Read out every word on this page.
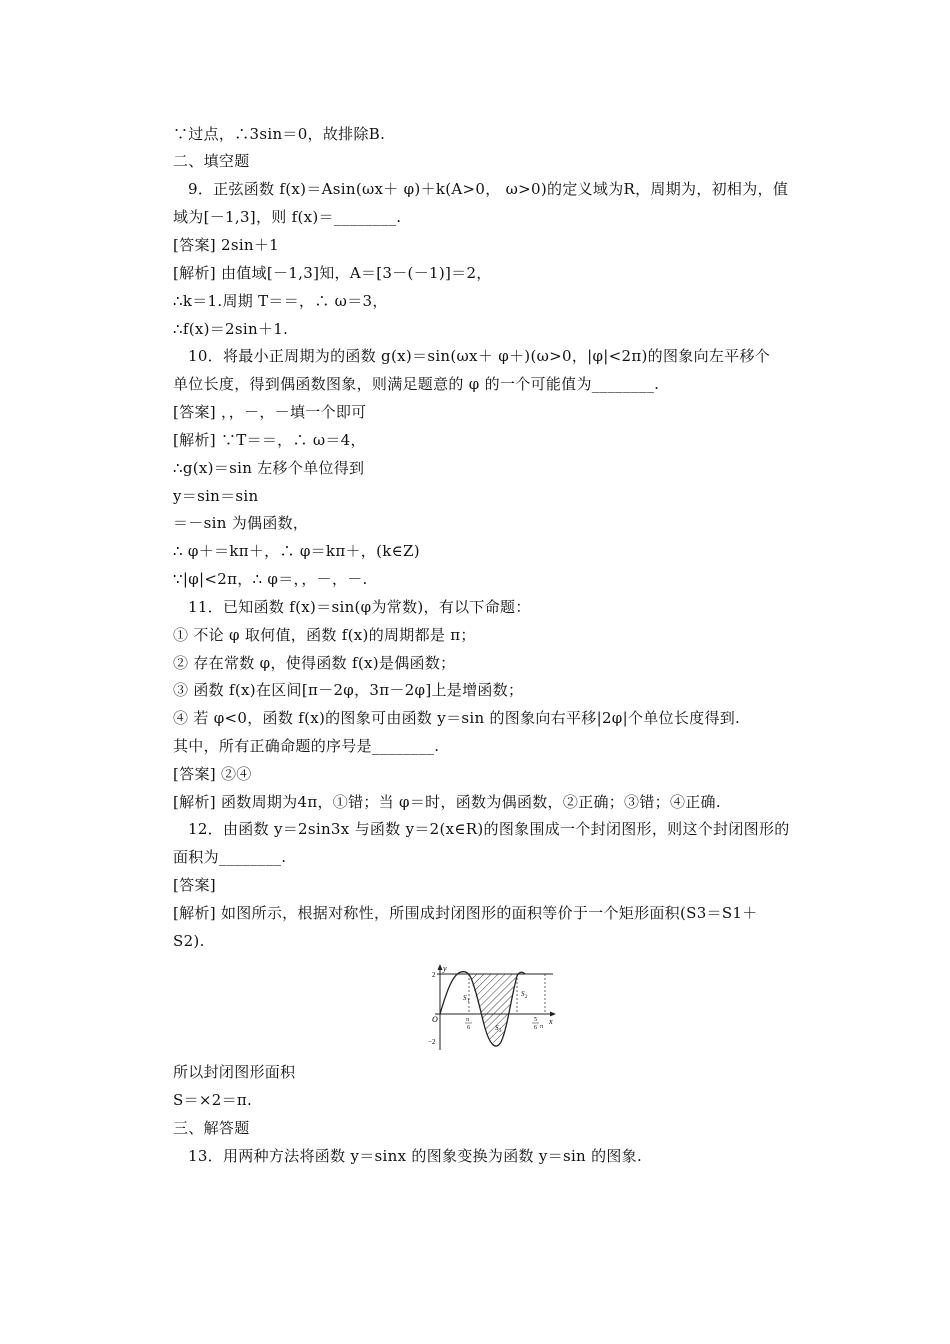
∵过点，∴3sin＝0，故排除B.
二、填空题
9．正弦函数 f(x)＝Asin(ωx＋ φ)＋k(A>0， ω>0)的定义域为R，周期为，初相为，值
域为[－1,3]，则 f(x)＝________.
[答案] 2sin＋1
[解析] 由值域[－1,3]知，A＝[3－(－1)]＝2，
∴k＝1.周期 T＝＝，∴ ω＝3，
∴f(x)＝2sin＋1.
10．将最小正周期为的函数 g(x)＝sin(ωx＋ φ＋)(ω>0，|φ|<2π)的图象向左平移个
单位长度，得到偶函数图象，则满足题意的 φ 的一个可能值为________.
[答案] ，，－，－填一个即可
[解析] ∵T＝＝，∴ ω＝4，
∴g(x)＝sin 左移个单位得到
y＝sin＝sin
＝－sin 为偶函数，
∴ φ＋＝kπ＋，∴ φ＝kπ＋，(k∈Z)
∵|φ|<2π，∴ φ＝，，－，－.
11．已知函数 f(x)＝sin(φ为常数)，有以下命题：
① 不论 φ 取何值，函数 f(x)的周期都是 π；
② 存在常数 φ，使得函数 f(x)是偶函数；
③ 函数 f(x)在区间[π－2φ，3π－2φ]上是增函数；
④ 若 φ<0，函数 f(x)的图象可由函数 y＝sin 的图象向右平移|2φ|个单位长度得到.
其中，所有正确命题的序号是________.
[答案] ②④
[解析] 函数周期为4π，①错；当 φ＝时，函数为偶函数，②正确；③错；④正确.
12．由函数 y＝2sin3x 与函数 y＝2(x∈R)的图象围成一个封闭图形，则这个封闭图形的
面积为________.
[答案]
[解析] 如图所示，根据对称性，所围成封闭图形的面积等价于一个矩形面积(S3＝S1＋
S2).
y
x
O
2
−2
π
6
5
6 π
S 1
S 2
S 3
所以封闭图形面积
S＝×2＝π.
三、解答题
13．用两种方法将函数 y＝sinx 的图象变换为函数 y＝sin 的图象.
